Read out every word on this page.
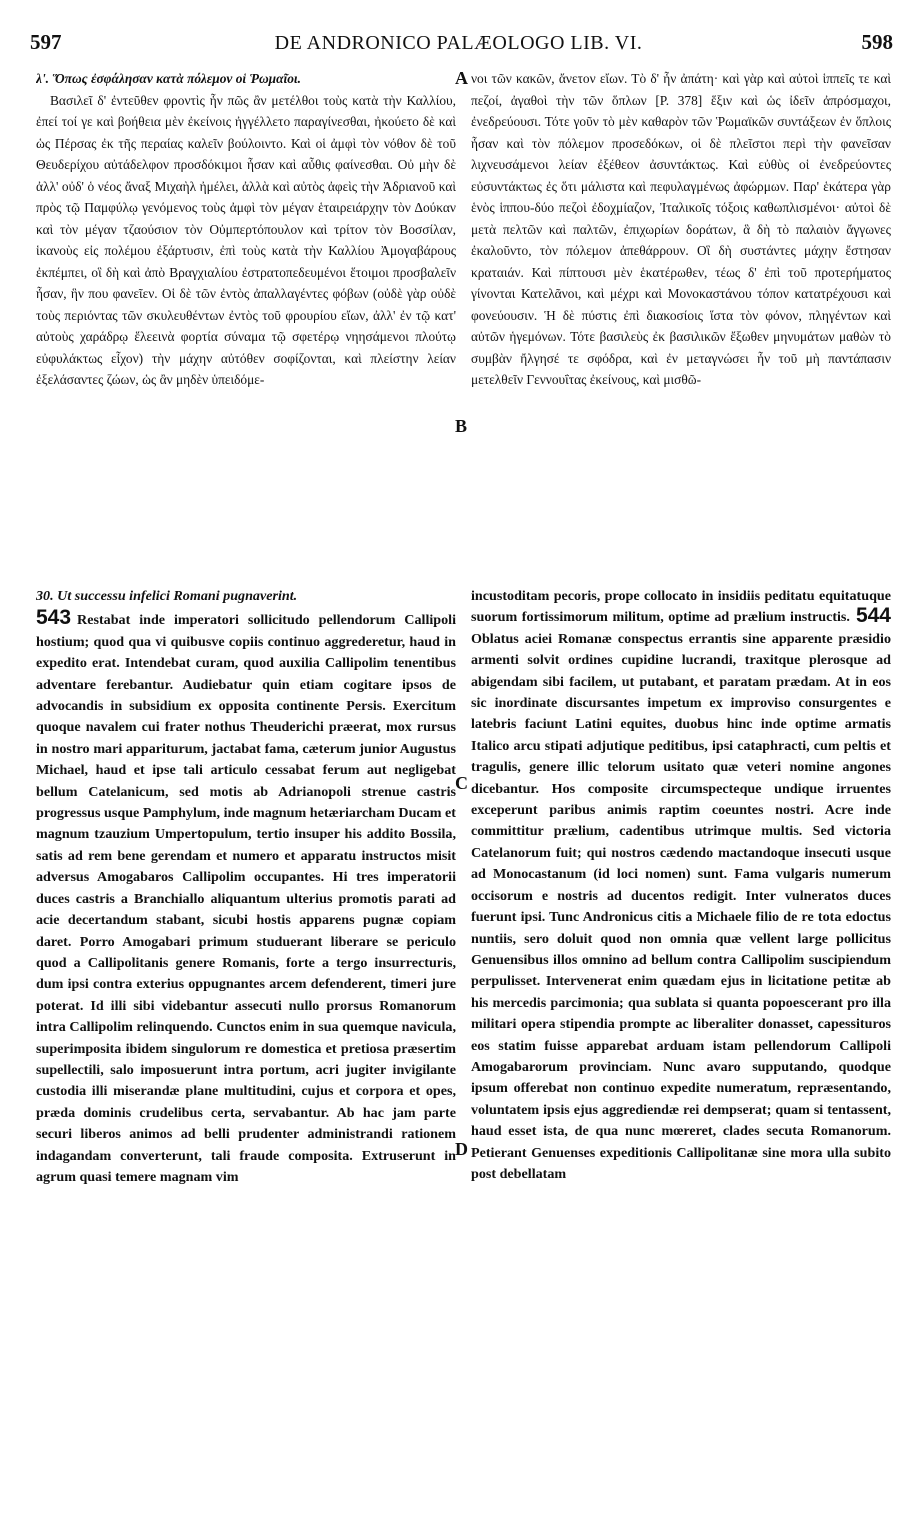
597	DE ANDRONICO PALÆOLOGO LIB. VI.	598

λ'. Ὅπως ἐσφάλησαν κατὰ πόλεμον οἱ Ῥωμαῖοι.

Βασιλεῖ δ' ἐντεῦθεν φροντὶς ἦν πῶς ἂν μετέλθοι τοὺς κατὰ τὴν Καλλίου, ἐπεί τοί γε καὶ βοήθεια μὲν ἐκείνοις ἠγγέλλετο παραγίνεσθαι, ἠκούετο δὲ καὶ ὡς Πέρσας ἐκ τῆς περαίας καλεῖν βούλοιντο. Καὶ οἱ ἀμφὶ τὸν νόθον δὲ τοῦ Θευδερίχου αὐτάδελφον προσδόκιμοι ἦσαν καὶ αὖθις φαίνεσθαι. Οὐ μὴν δὲ ἀλλ' οὐδ' ὁ νέος ἄναξ Μιχαὴλ ἠμέλει, ἀλλὰ καὶ αὐτὸς ἀφεὶς τὴν Ἀδριανοῦ καὶ πρὸς τῷ Παμφύλῳ γενόμενος τοὺς ἀμφὶ τὸν μέγαν ἑταιρειάρχην τὸν Δούκαν καὶ τὸν μέγαν τζαούσιον τὸν Οὐμπερτόπουλον καὶ τρίτον τὸν Βοσσίλαν, ἱκανοὺς εἰς πολέμου ἐξάρτυσιν, ἐπὶ τοὺς κατὰ τὴν Καλλίου Ἀμογαβάρους ἐκπέμπει, οἳ δὴ καὶ ἀπὸ Βραγχιαλίου ἐστρατοπεδευμένοι ἕτοιμοι προσβαλεῖν ἦσαν, ἣν που φανεῖεν. Οἱ δὲ τῶν ἐντὸς ἀπαλλαγέντες φόβων (οὐδὲ γὰρ οὐδὲ τοὺς περιόντας τῶν σκυλευθέντων ἐντὸς τοῦ φρουρίου εἴων, ἀλλ' ἐν τῷ κατ' αὐτοὺς χαράδρῳ ἕλεεινὰ φορτία σύναμα τῷ σφετέρῳ νηησάμενοι πλούτῳ εὐφυλάκτως εἶχον) τὴν μάχην αὐτόθεν σοφίζονται, καὶ πλείστην λείαν ἐξελάσαντες ζώων, ὡς ἂν μηδὲν ὑπειδόμε-

νοι τῶν κακῶν, ἄνετον εἴων. Τὸ δ' ἦν ἀπάτη· καὶ γὰρ καὶ αὐτοὶ ἱππεῖς τε καὶ πεζοί, ἀγαθοὶ τὴν τῶν ὅπλων [P. 378] ἕξιν καὶ ὡς ἰδεῖν ἀπρόσμαχοι, ἐνεδρεύουσι. Τότε γοῦν τὸ μὲν καθαρὸν τῶν Ῥωμαϊκῶν συντάξεων ἐν ὅπλοις ἦσαν καὶ τὸν πόλεμον προσεδόκων, οἱ δὲ πλεῖστοι περὶ τὴν φανεῖσαν λιχνευσάμενοι λείαν ἐξέθεον ἀσυντάκτως. Καὶ εὐθὺς οἱ ἐνεδρεύοντες εὐσυντάκτως ἐς ὅτι μάλιστα καὶ πεφυλαγμένως ἀφώρμων. Παρ' ἑκάτερα γὰρ ἑνὸς ἱππου-δύο πεζοὶ ἐδοχμίαζον, Ἰταλικοῖς τόξοις καθωπλισμένοι· αὐτοὶ δὲ μετὰ πελτῶν καὶ παλτῶν, ἐπιχωρίων δοράτων, ἃ δὴ τὸ παλαιὸν ἄγγωνες ἐκαλοῦντο, τὸν πόλεμον ἀπεθάρρουν. Οἳ δὴ συστάντες μάχην ἔστησαν κραταιάν. Καὶ πίπτουσι μὲν ἑκατέρωθεν, τέως δ' ἐπὶ τοῦ προτερήματος γίνονται Κατελᾶνοι, καὶ μέχρι καὶ Μονοκαστάνου τόπον κατατρέχουσι καὶ φονεύουσιν. Ἡ δὲ πύστις ἐπὶ διακοσίοις ἵστα τὸν φόνον, πληγέντων καὶ αὐτῶν ἡγεμόνων. Τότε βασιλεὺς ἐκ βασιλικῶν ἔξωθεν μηνυμάτων μαθὼν τὸ συμβὰν ἤλγησέ τε σφόδρα, καὶ ἐν μεταγνώσει ἦν τοῦ μὴ παντάπασιν μετελθεῖν Γεννουΐτας ἐκείνους, καὶ μισθῶ-

30. Ut successu infelici Romani pugnaverint.

543 Restabat inde imperatori sollicitudo pellendorum Callipoli hostium; quod qua vi quibusve copiis continuo aggrederetur, haud in expedito erat. Intendebat curam, quod auxilia Callipolim tenentibus adventare ferebantur. Audiebatur quin etiam cogitare ipsos de advocandis in subsidium ex opposita continente Persis. Exercitum quoque navalem cui frater nothus Theuderichi præerat, mox rursus in nostro mari appariturum, jactabat fama, cæterum junior Augustus Michael, haud et ipse tali articulo cessabat ferum aut negligebat bellum Catelanicum, sed motis ab Adrianopoli strenue castris progressus usque Pamphylum, inde magnum hetæriarcham Ducam et magnum tzauzium Umpertopulum, tertio insuper his addito Bossila, satis ad rem bene gerendam et numero et apparatu instructos misit adversus Amogabaros Callipolim occupantes. Hi tres imperatorii duces castris a Branchiallo aliquantum ulterius promotis parati ad acie decertandum stabant, sicubi hostis apparens pugnæ copiam daret. Porro Amogabari primum studuerant liberare se periculo quod a Callipolitanis genere Romanis, forte a tergo insurrecturis, dum ipsi contra exterius oppugnantes arcem defenderent, timeri jure poterat. Id illi sibi videbantur assecuti nullo prorsus Romanorum intra Callipolim relinquendo. Cunctos enim in sua quemque navicula, superimposita ibidem singulorum re domestica et pretiosa præsertim supellectili, salo imposuerunt intra portum, acri jugiter invigilante custodia illi miserandæ plane multitudini, cujus et corpora et opes, præda dominis crudelibus certa, servabantur. Ab hac jam parte securi liberos animos ad belli prudenter administrandi rationem indagandam converterunt, tali fraude composita. Extruserunt in agrum quasi temere magnam vim

incustoditam pecoris, prope collocato in insidiis peditatu equitatuque suorum fortissimorum	544
militum, optime ad prælium instructis. Oblatus aciei Romanæ conspectus errantis sine apparente præsidio armenti solvit ordines cupidine lucrandi, traxitque plerosque ad abigendam sibi facilem, ut putabant, et paratam prædam. At in eos sic inordinate discursantes impetum ex improviso consurgentes e latebris faciunt Latini equites, duobus hinc inde optime armatis Italico arcu stipati adjutique peditibus, ipsi cataphracti, cum peltis et tragulis, genere illic telorum usitato quæ veteri nomine angones dicebantur. Hos composite circumspecteque undique irruentes exceperunt paribus animis raptim coeuntes nostri. Acre inde committitur prælium, cadentibus utrimque multis. Sed victoria Catelanorum fuit; qui nostros cædendo mactandoque insecuti usque ad Monocastanum (id loci nomen) sunt. Fama vulgaris numerum occisorum e nostris ad ducentos redigit. Inter vulneratos duces fuerunt ipsi. Tunc Andronicus citis a Michaele filio de re tota edoctus nuntiis, sero doluit quod non omnia quæ vellent large pollicitus Genuensibus illos omnino ad bellum contra Callipolim suscipiendum perpulisset. Intervenerat enim quædam ejus in licitatione petitæ ab his mercedis parcimonia; qua sublata si quanta popoescerant pro illa militari opera stipendia prompte ac liberaliter donasset, capessituros eos statim fuisse apparebat arduam istam pellendorum Callipoli Amogabarorum provinciam. Nunc avaro supputando, quodque ipsum offerebat non continuo expedite numeratum, repræsentando, voluntatem ipsis ejus aggrediendæ rei dempserat; quam si tentassent, haud esset ista, de qua nunc mœreret, clades secuta Romanorum. Petierant Genuenses expeditionis Callipolitanæ sine mora ulla subito post debellatam

A
B
C
D
